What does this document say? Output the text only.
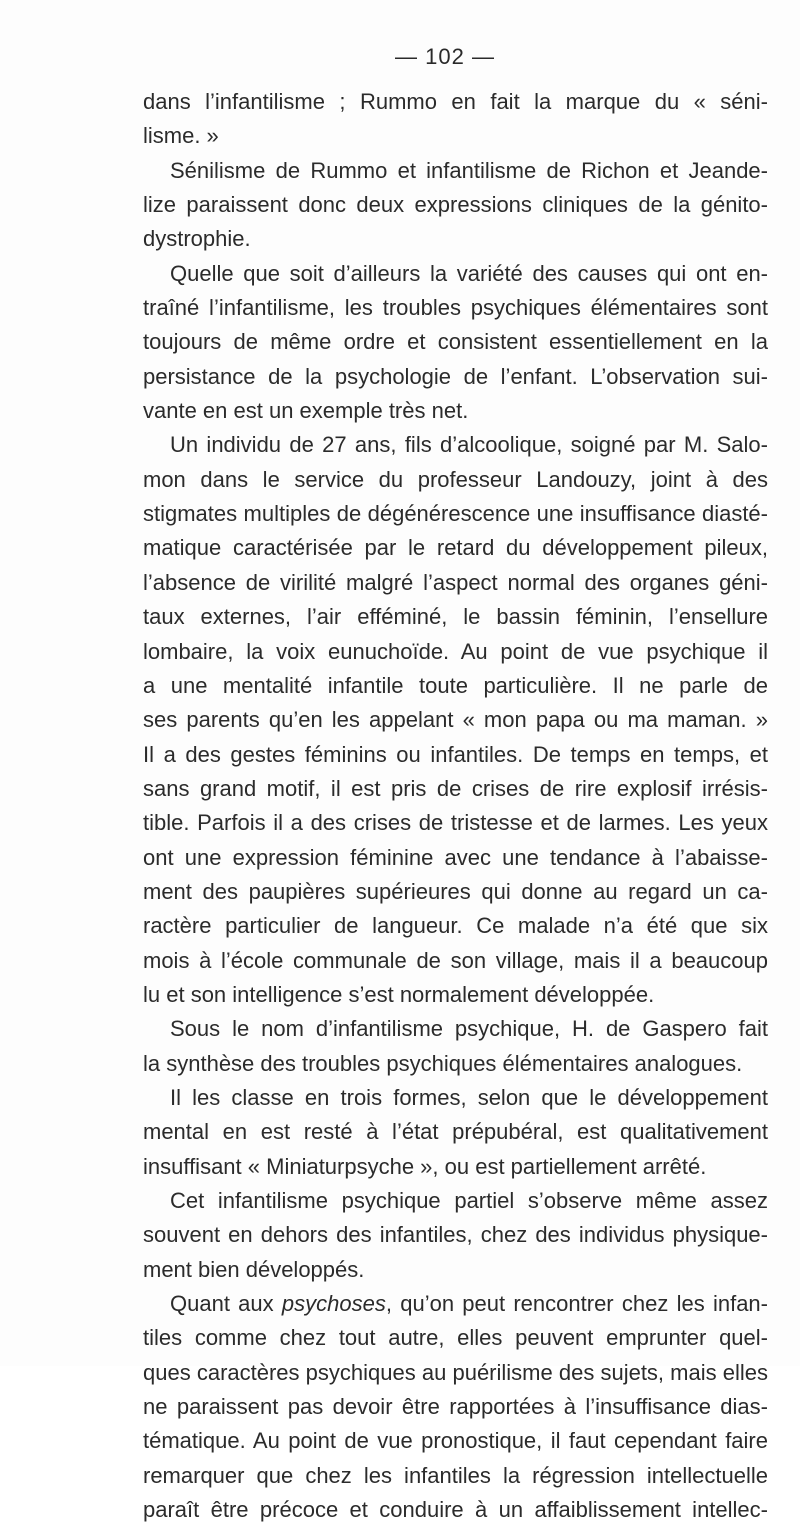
— 102 —
dans l’infantilisme ; Rummo en fait la marque du « séni-
lisme. »
Sénilisme de Rummo et infantilisme de Richon et Jeande-
lize paraissent donc deux expressions cliniques de la génito-
dystrophie.
Quelle que soit d’ailleurs la variété des causes qui ont en-
traîné l’infantilisme, les troubles psychiques élémentaires sont
toujours de même ordre et consistent essentiellement en la
persistance de la psychologie de l’enfant. L’observation sui-
vante en est un exemple très net.
Un individu de 27 ans, fils d’alcoolique, soigné par M. Salo-
mon dans le service du professeur Landouzy, joint à des
stigmates multiples de dégénérescence une insuffisance diasté-
matique caractérisée par le retard du développement pileux,
l’absence de virilité malgré l’aspect normal des organes géni-
taux externes, l’air efféminé, le bassin féminin, l’ensellure
lombaire, la voix eunuchoïde. Au point de vue psychique il
a une mentalité infantile toute particulière. Il ne parle de
ses parents qu’en les appelant « mon papa ou ma maman. »
Il a des gestes féminins ou infantiles. De temps en temps, et
sans grand motif, il est pris de crises de rire explosif irrésis-
tible. Parfois il a des crises de tristesse et de larmes. Les yeux
ont une expression féminine avec une tendance à l’abaisse-
ment des paupières supérieures qui donne au regard un ca-
ractère particulier de langueur. Ce malade n’a été que six
mois à l’école communale de son village, mais il a beaucoup
lu et son intelligence s’est normalement développée.
Sous le nom d’infantilisme psychique, H. de Gaspero fait
la synthèse des troubles psychiques élémentaires analogues.
Il les classe en trois formes, selon que le développement
mental en est resté à l’état prépubéral, est qualitativement
insuffisant « Miniaturpsyche », ou est partiellement arrêté.
Cet infantilisme psychique partiel s’observe même assez
souvent en dehors des infantiles, chez des individus physique-
ment bien développés.
Quant aux psychoses, qu’on peut rencontrer chez les infan-
tiles comme chez tout autre, elles peuvent emprunter quel-
ques caractères psychiques au puérilisme des sujets, mais elles
ne paraissent pas devoir être rapportées à l’insuffisance dias-
tématique. Au point de vue pronostique, il faut cependant faire
remarquer que chez les infantiles la régression intellectuelle
paraît être précoce et conduire à un affaiblissement intellec-
